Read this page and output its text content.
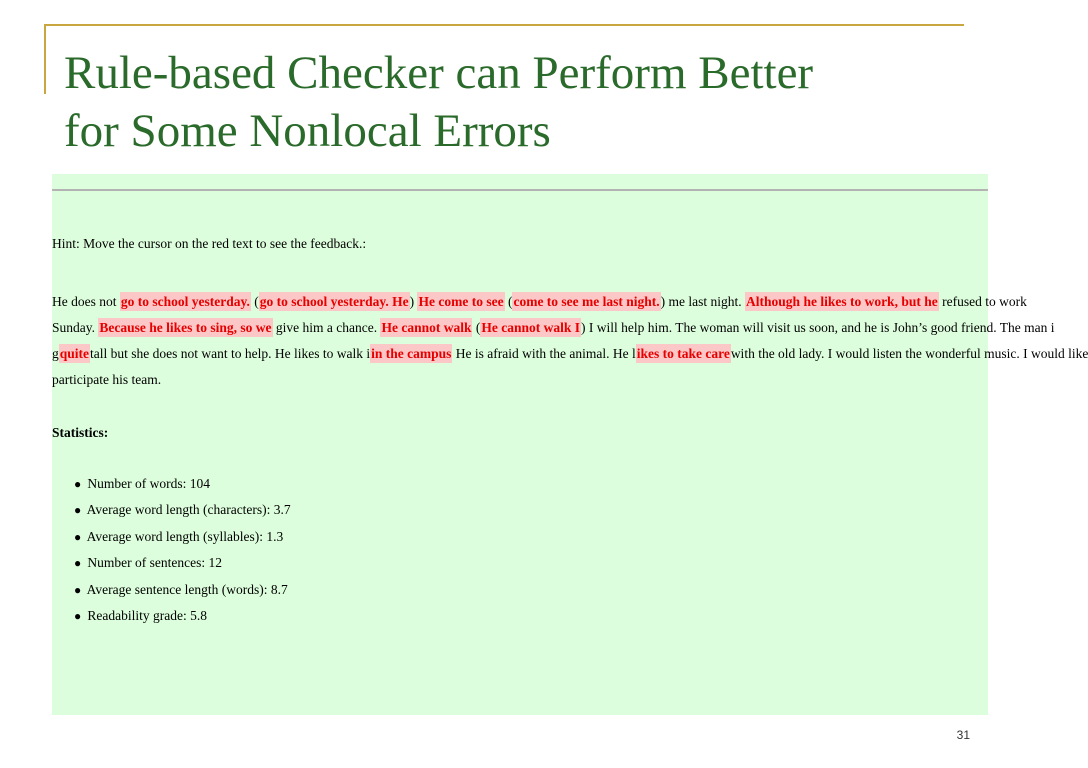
Rule-based Checker can Perform Better
for Some Nonlocal Errors

Hint: Move the cursor on the red text to see the feedback.:

He does not go to school yesterday. (go to school yesterday. He) He come to see (come to see me last night.) me last night. Although he likes to work, but he refused to work
Sunday. Because he likes to sing, so we give him a chance. He cannot walk (He cannot walk I) I will help him. The woman will visit us soon, and he is John’s good friend. The man i
gquitetall but she does not want to help. He likes to walk iin the campus He is afraid with the animal. He likes to take carewith the old lady. I would listen the wonderful music. I would like
participate his team.
Statistics:
● Number of words: 104
● Average word length (characters): 3.7
● Average word length (syllables): 1.3
● Number of sentences: 12
● Average sentence length (words): 8.7
● Readability grade: 5.8
31
